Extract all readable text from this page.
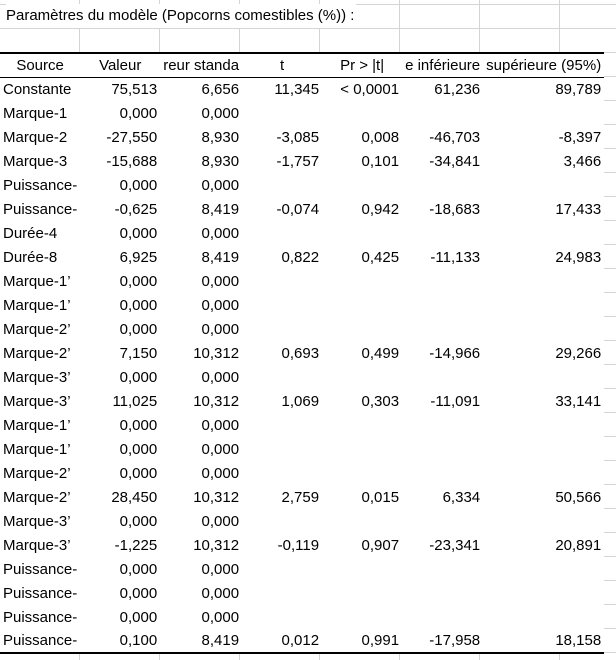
Paramètres du modèle (Popcorns comestibles (%)) :
Source	Valeur	reur standa	t	Pr > |t|	e inférieure	supérieure (95%)
Constante	75,513	6,656	11,345	< 0,0001	61,236	89,789
Marque-1	0,000	0,000				
Marque-2	-27,550	8,930	-3,085	0,008	-46,703	-8,397
Marque-3	-15,688	8,930	-1,757	0,101	-34,841	3,466
Puissance-	0,000	0,000				
Puissance-	-0,625	8,419	-0,074	0,942	-18,683	17,433
Durée-4	0,000	0,000				
Durée-8	6,925	8,419	0,822	0,425	-11,133	24,983
Marque-1’	0,000	0,000				
Marque-1’	0,000	0,000				
Marque-2’	0,000	0,000				
Marque-2’	7,150	10,312	0,693	0,499	-14,966	29,266
Marque-3’	0,000	0,000				
Marque-3’	11,025	10,312	1,069	0,303	-11,091	33,141
Marque-1’	0,000	0,000				
Marque-1’	0,000	0,000				
Marque-2’	0,000	0,000				
Marque-2’	28,450	10,312	2,759	0,015	6,334	50,566
Marque-3’	0,000	0,000				
Marque-3’	-1,225	10,312	-0,119	0,907	-23,341	20,891
Puissance-	0,000	0,000				
Puissance-	0,000	0,000				
Puissance-	0,000	0,000				
Puissance-	0,100	8,419	0,012	0,991	-17,958	18,158
